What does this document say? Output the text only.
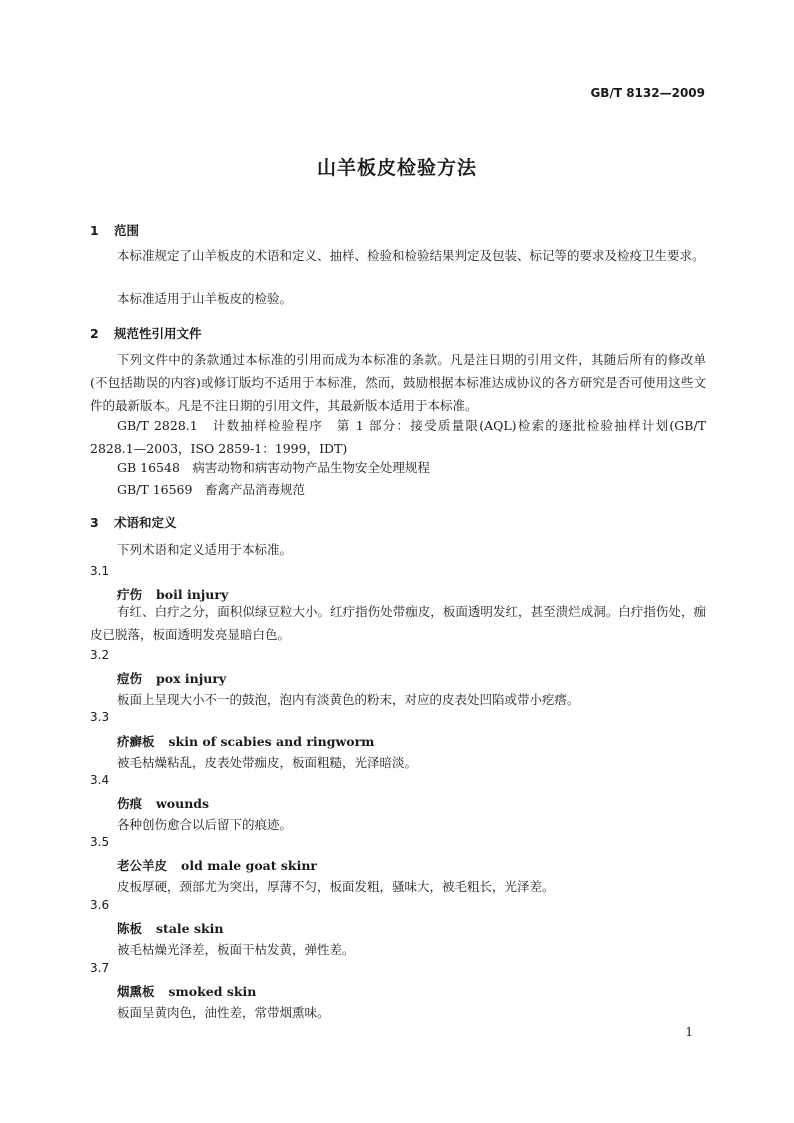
GB/T 8132—2009
山羊板皮检验方法
1 范围
本标准规定了山羊板皮的术语和定义、抽样、检验和检验结果判定及包装、标记等的要求及检疫卫生要求。
本标准适用于山羊板皮的检验。
2 规范性引用文件
下列文件中的条款通过本标准的引用而成为本标准的条款。凡是注日期的引用文件，其随后所有的修改单(不包括勘误的内容)或修订版均不适用于本标准，然而，鼓励根据本标准达成协议的各方研究是否可使用这些文件的最新版本。凡是不注日期的引用文件，其最新版本适用于本标准。
GB/T 2828.1　计数抽样检验程序　第 1 部分：接受质量限(AQL)检索的逐批检验抽样计划(GB/T 2828.1—2003，ISO 2859-1：1999，IDT)
GB 16548　病害动物和病害动物产品生物安全处理规程
GB/T 16569　畜禽产品消毒规范
3 术语和定义
下列术语和定义适用于本标准。
3.1
疔伤 boil injury
有红、白疔之分，面积似绿豆粒大小。红疔指伤处带痂皮，板面透明发红，甚至溃烂成洞。白疔指伤处，痂皮已脱落，板面透明发亮显暗白色。
3.2
痘伤 pox injury
板面上呈现大小不一的鼓泡，泡内有淡黄色的粉末，对应的皮表处凹陷或带小疙瘩。
3.3
疥癣板 skin of scabies and ringworm
被毛枯燥粘乱，皮表处带痂皮，板面粗糙，光泽暗淡。
3.4
伤痕 wounds
各种创伤愈合以后留下的痕迹。
3.5
老公羊皮 old male goat skinr
皮板厚硬，颈部尤为突出，厚薄不匀，板面发粗，骚味大，被毛粗长，光泽差。
3.6
陈板 stale skin
被毛枯燥光泽差，板面干枯发黄，弹性差。
3.7
烟熏板 smoked skin
板面呈黄肉色，油性差，常带烟熏味。
1
